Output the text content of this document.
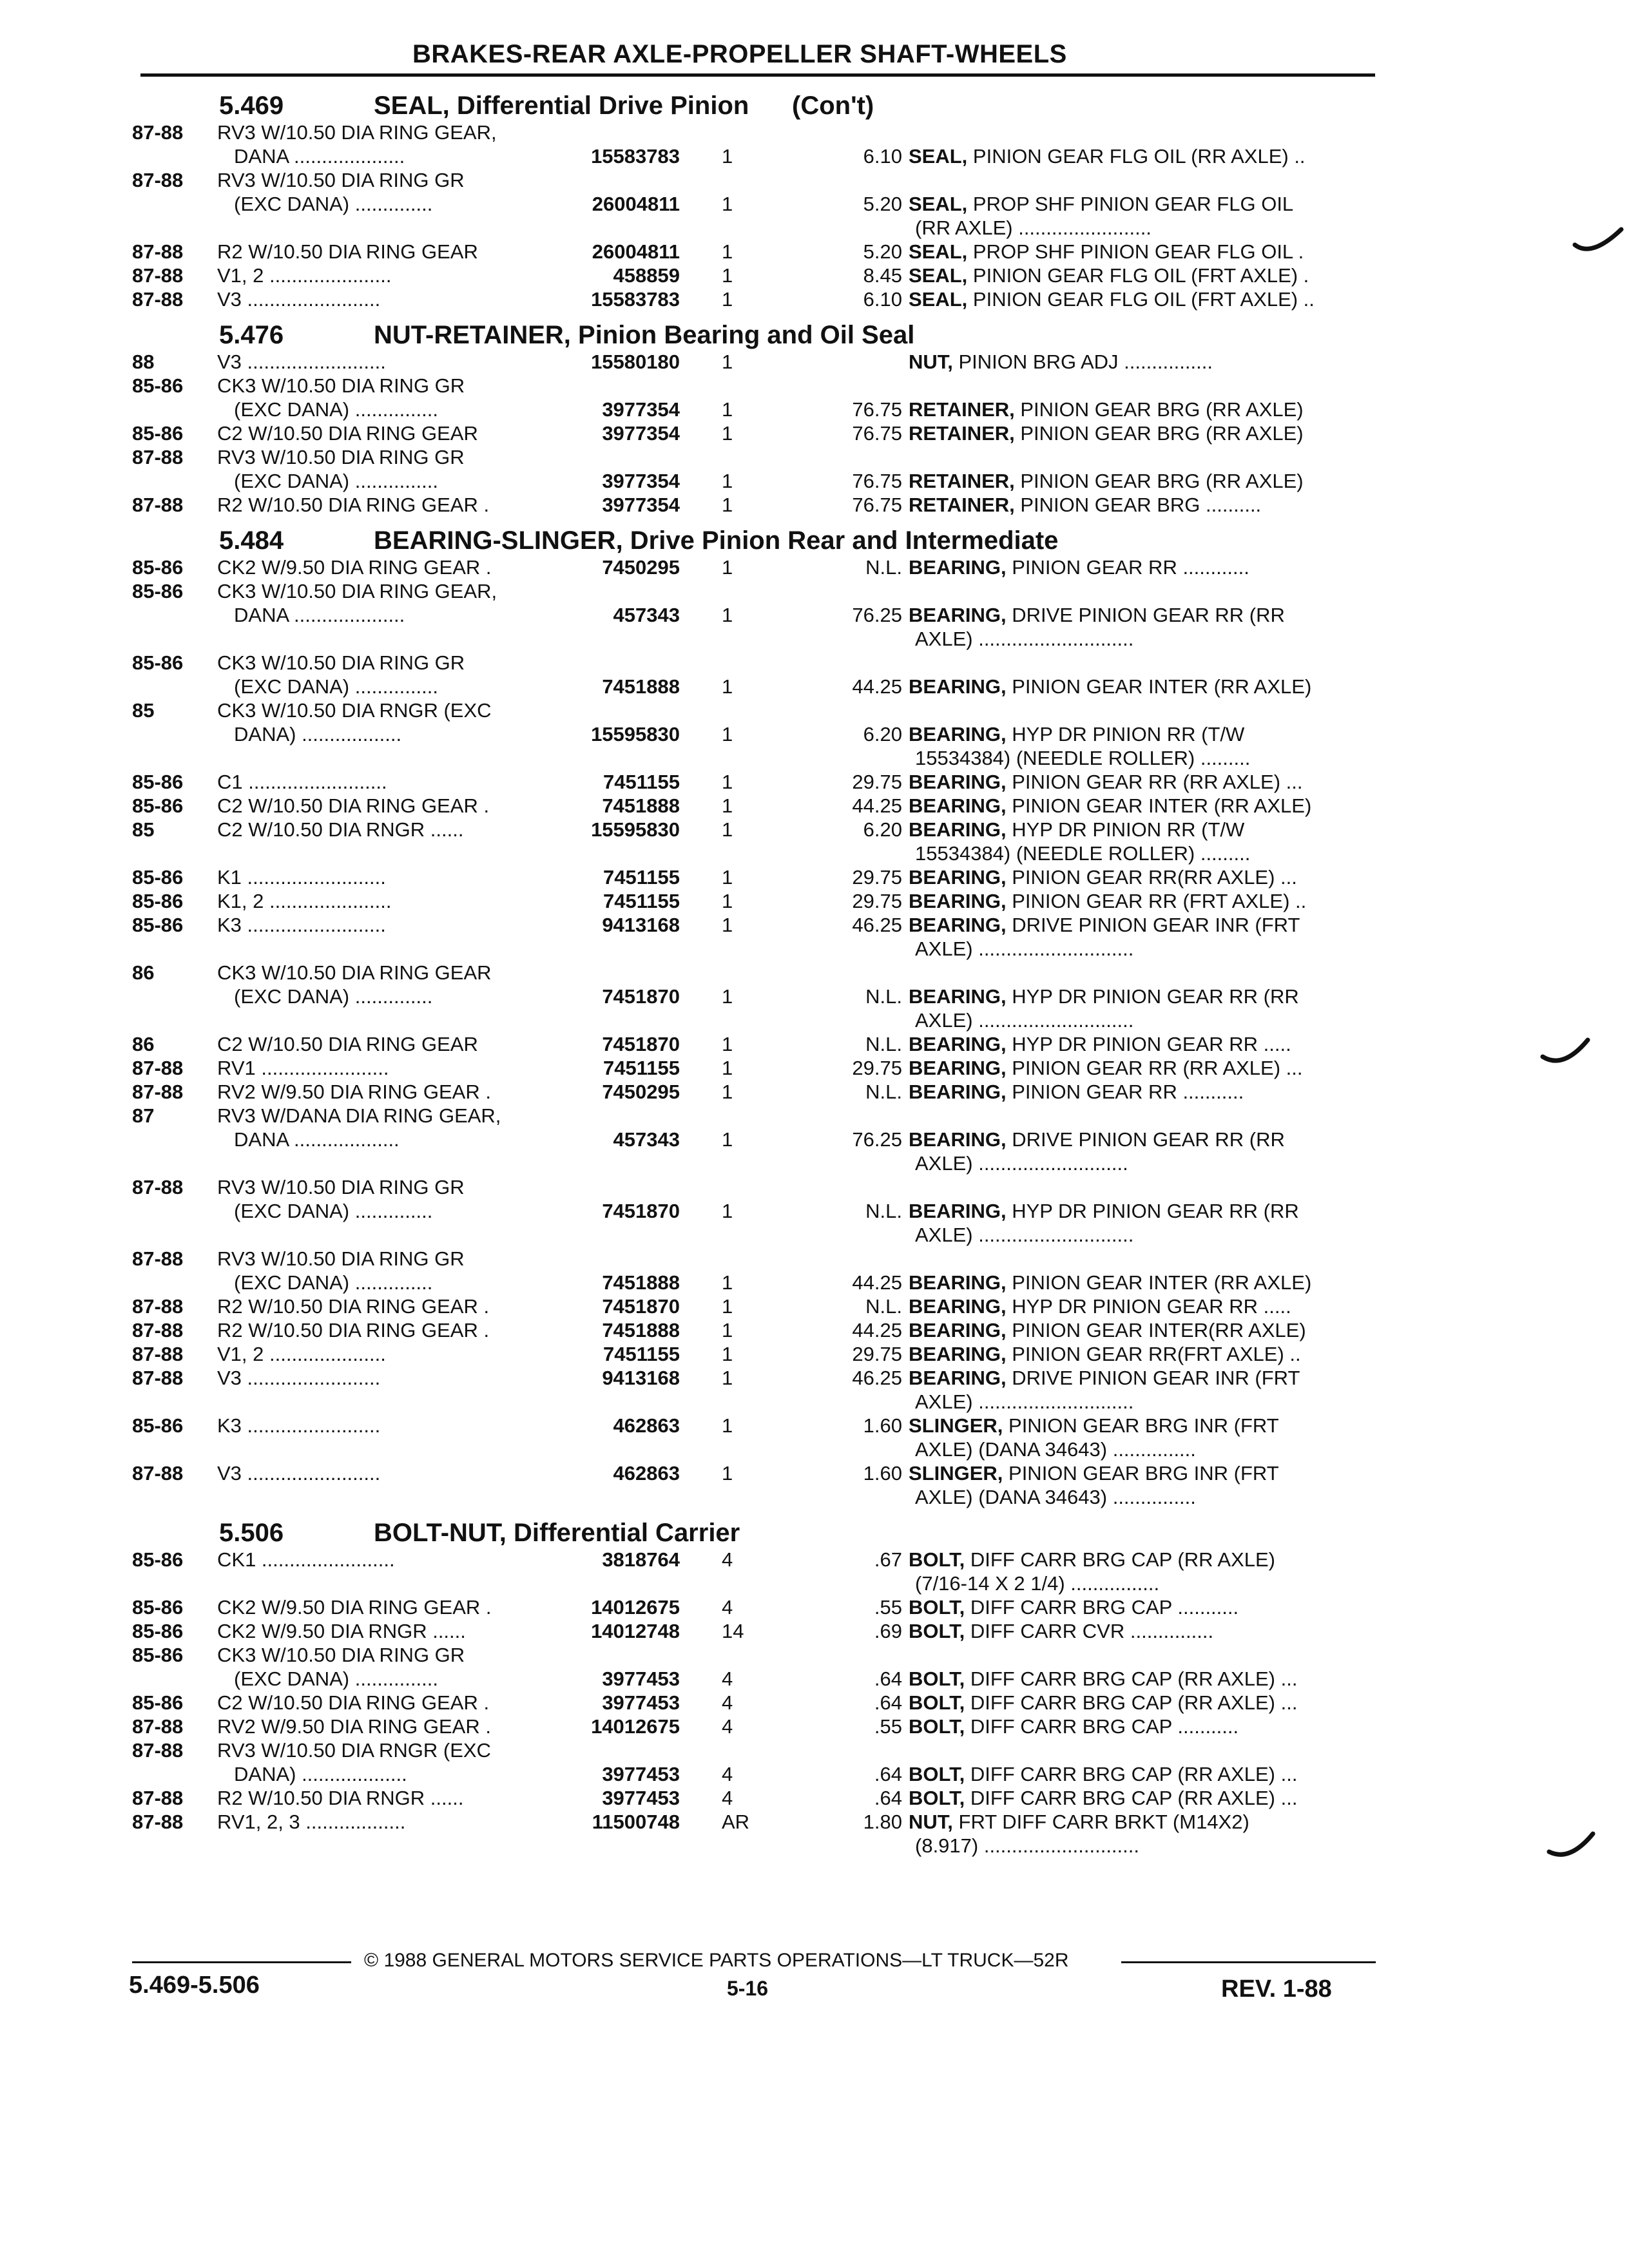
BRAKES-REAR AXLE-PROPELLER SHAFT-WHEELS
5.469	SEAL, Differential Drive Pinion      (Con't)
87-88 RV3 W/10.50 DIA RING GEAR,
DANA ....................	15583783 1	6.10 SEAL, PINION GEAR FLG OIL (RR AXLE) ..
87-88 RV3 W/10.50 DIA RING GR
(EXC DANA) ..............	26004811 1	5.20 SEAL, PROP SHF PINION GEAR FLG OIL
(RR AXLE) ........................
87-88 R2 W/10.50 DIA RING GEAR	26004811 1	5.20 SEAL, PROP SHF PINION GEAR FLG OIL .
87-88 V1, 2 ......................	458859 1	8.45 SEAL, PINION GEAR FLG OIL (FRT AXLE) .
87-88 V3 ........................	15583783 1	6.10 SEAL, PINION GEAR FLG OIL (FRT AXLE) ..
5.476	NUT-RETAINER, Pinion Bearing and Oil Seal
88	V3 .........................	15580180 1	NUT, PINION BRG ADJ ................
85-86 CK3 W/10.50 DIA RING GR
(EXC DANA) ...............	3977354 1	76.75 RETAINER, PINION GEAR BRG (RR AXLE)
85-86 C2 W/10.50 DIA RING GEAR	3977354 1	76.75 RETAINER, PINION GEAR BRG (RR AXLE)
87-88 RV3 W/10.50 DIA RING GR
(EXC DANA) ...............	3977354 1	76.75 RETAINER, PINION GEAR BRG (RR AXLE)
87-88 R2 W/10.50 DIA RING GEAR .	3977354 1	76.75 RETAINER, PINION GEAR BRG ..........
5.484	BEARING-SLINGER, Drive Pinion Rear and Intermediate
85-86 CK2 W/9.50 DIA RING GEAR .	7450295 1	N.L. BEARING, PINION GEAR RR ............
85-86 CK3 W/10.50 DIA RING GEAR,
DANA ....................	457343 1	76.25 BEARING, DRIVE PINION GEAR RR (RR
AXLE) ............................
85-86 CK3 W/10.50 DIA RING GR
(EXC DANA) ...............	7451888 1	44.25 BEARING, PINION GEAR INTER (RR AXLE)
85	CK3 W/10.50 DIA RNGR (EXC
DANA) ..................	15595830 1	6.20 BEARING, HYP DR PINION RR (T/W
15534384) (NEEDLE ROLLER) .........
85-86 C1 .........................	7451155 1	29.75 BEARING, PINION GEAR RR (RR AXLE) ...
85-86 C2 W/10.50 DIA RING GEAR .	7451888 1	44.25 BEARING, PINION GEAR INTER (RR AXLE)
85	C2 W/10.50 DIA RNGR ......	15595830 1	6.20 BEARING, HYP DR PINION RR (T/W
15534384) (NEEDLE ROLLER) .........
85-86 K1 .........................	7451155 1	29.75 BEARING, PINION GEAR RR(RR AXLE) ...
85-86 K1, 2 ......................	7451155 1	29.75 BEARING, PINION GEAR RR (FRT AXLE) ..
85-86 K3 .........................	9413168 1	46.25 BEARING, DRIVE PINION GEAR INR (FRT
AXLE) ............................
86	CK3 W/10.50 DIA RING GEAR
(EXC DANA) ..............	7451870 1	N.L. BEARING, HYP DR PINION GEAR RR (RR
AXLE) ............................
86	C2 W/10.50 DIA RING GEAR	7451870 1	N.L. BEARING, HYP DR PINION GEAR RR .....
87-88 RV1 .......................	7451155 1	29.75 BEARING, PINION GEAR RR (RR AXLE) ...
87-88 RV2 W/9.50 DIA RING GEAR .	7450295 1	N.L. BEARING, PINION GEAR RR ...........
87	RV3 W/DANA DIA RING GEAR,
DANA ...................	457343 1	76.25 BEARING, DRIVE PINION GEAR RR (RR
AXLE) ...........................
87-88 RV3 W/10.50 DIA RING GR
(EXC DANA) ..............	7451870 1	N.L. BEARING, HYP DR PINION GEAR RR (RR
AXLE) ............................
87-88 RV3 W/10.50 DIA RING GR
(EXC DANA) ..............	7451888 1	44.25 BEARING, PINION GEAR INTER (RR AXLE)
87-88 R2 W/10.50 DIA RING GEAR .	7451870 1	N.L. BEARING, HYP DR PINION GEAR RR .....
87-88 R2 W/10.50 DIA RING GEAR .	7451888 1	44.25 BEARING, PINION GEAR INTER(RR AXLE)
87-88 V1, 2 .....................	7451155 1	29.75 BEARING, PINION GEAR RR(FRT AXLE) ..
87-88 V3 ........................	9413168 1	46.25 BEARING, DRIVE PINION GEAR INR (FRT
AXLE) ............................
85-86 K3 ........................	462863 1	1.60 SLINGER, PINION GEAR BRG INR (FRT
AXLE) (DANA 34643) ...............
87-88 V3 ........................	462863 1	1.60 SLINGER, PINION GEAR BRG INR (FRT
AXLE) (DANA 34643) ...............
5.506	BOLT-NUT, Differential Carrier
85-86 CK1 ........................	3818764 4	.67 BOLT, DIFF CARR BRG CAP (RR AXLE)
(7/16-14 X 2 1/4) ................
85-86 CK2 W/9.50 DIA RING GEAR .	14012675 4	.55 BOLT, DIFF CARR BRG CAP ...........
85-86 CK2 W/9.50 DIA RNGR ......	14012748 14	.69 BOLT, DIFF CARR CVR ...............
85-86 CK3 W/10.50 DIA RING GR
(EXC DANA) ...............	3977453 4	.64 BOLT, DIFF CARR BRG CAP (RR AXLE) ...
85-86 C2 W/10.50 DIA RING GEAR .	3977453 4	.64 BOLT, DIFF CARR BRG CAP (RR AXLE) ...
87-88 RV2 W/9.50 DIA RING GEAR .	14012675 4	.55 BOLT, DIFF CARR BRG CAP ...........
87-88 RV3 W/10.50 DIA RNGR (EXC
DANA) ...................	3977453 4	.64 BOLT, DIFF CARR BRG CAP (RR AXLE) ...
87-88 R2 W/10.50 DIA RNGR ......	3977453 4	.64 BOLT, DIFF CARR BRG CAP (RR AXLE) ...
87-88 RV1, 2, 3 ..................	11500748 AR	1.80 NUT, FRT DIFF CARR BRKT (M14X2)
(8.917) ............................
© 1988 GENERAL MOTORS SERVICE PARTS OPERATIONS—LT TRUCK—52R
5.469-5.506	5-16	REV. 1-88
